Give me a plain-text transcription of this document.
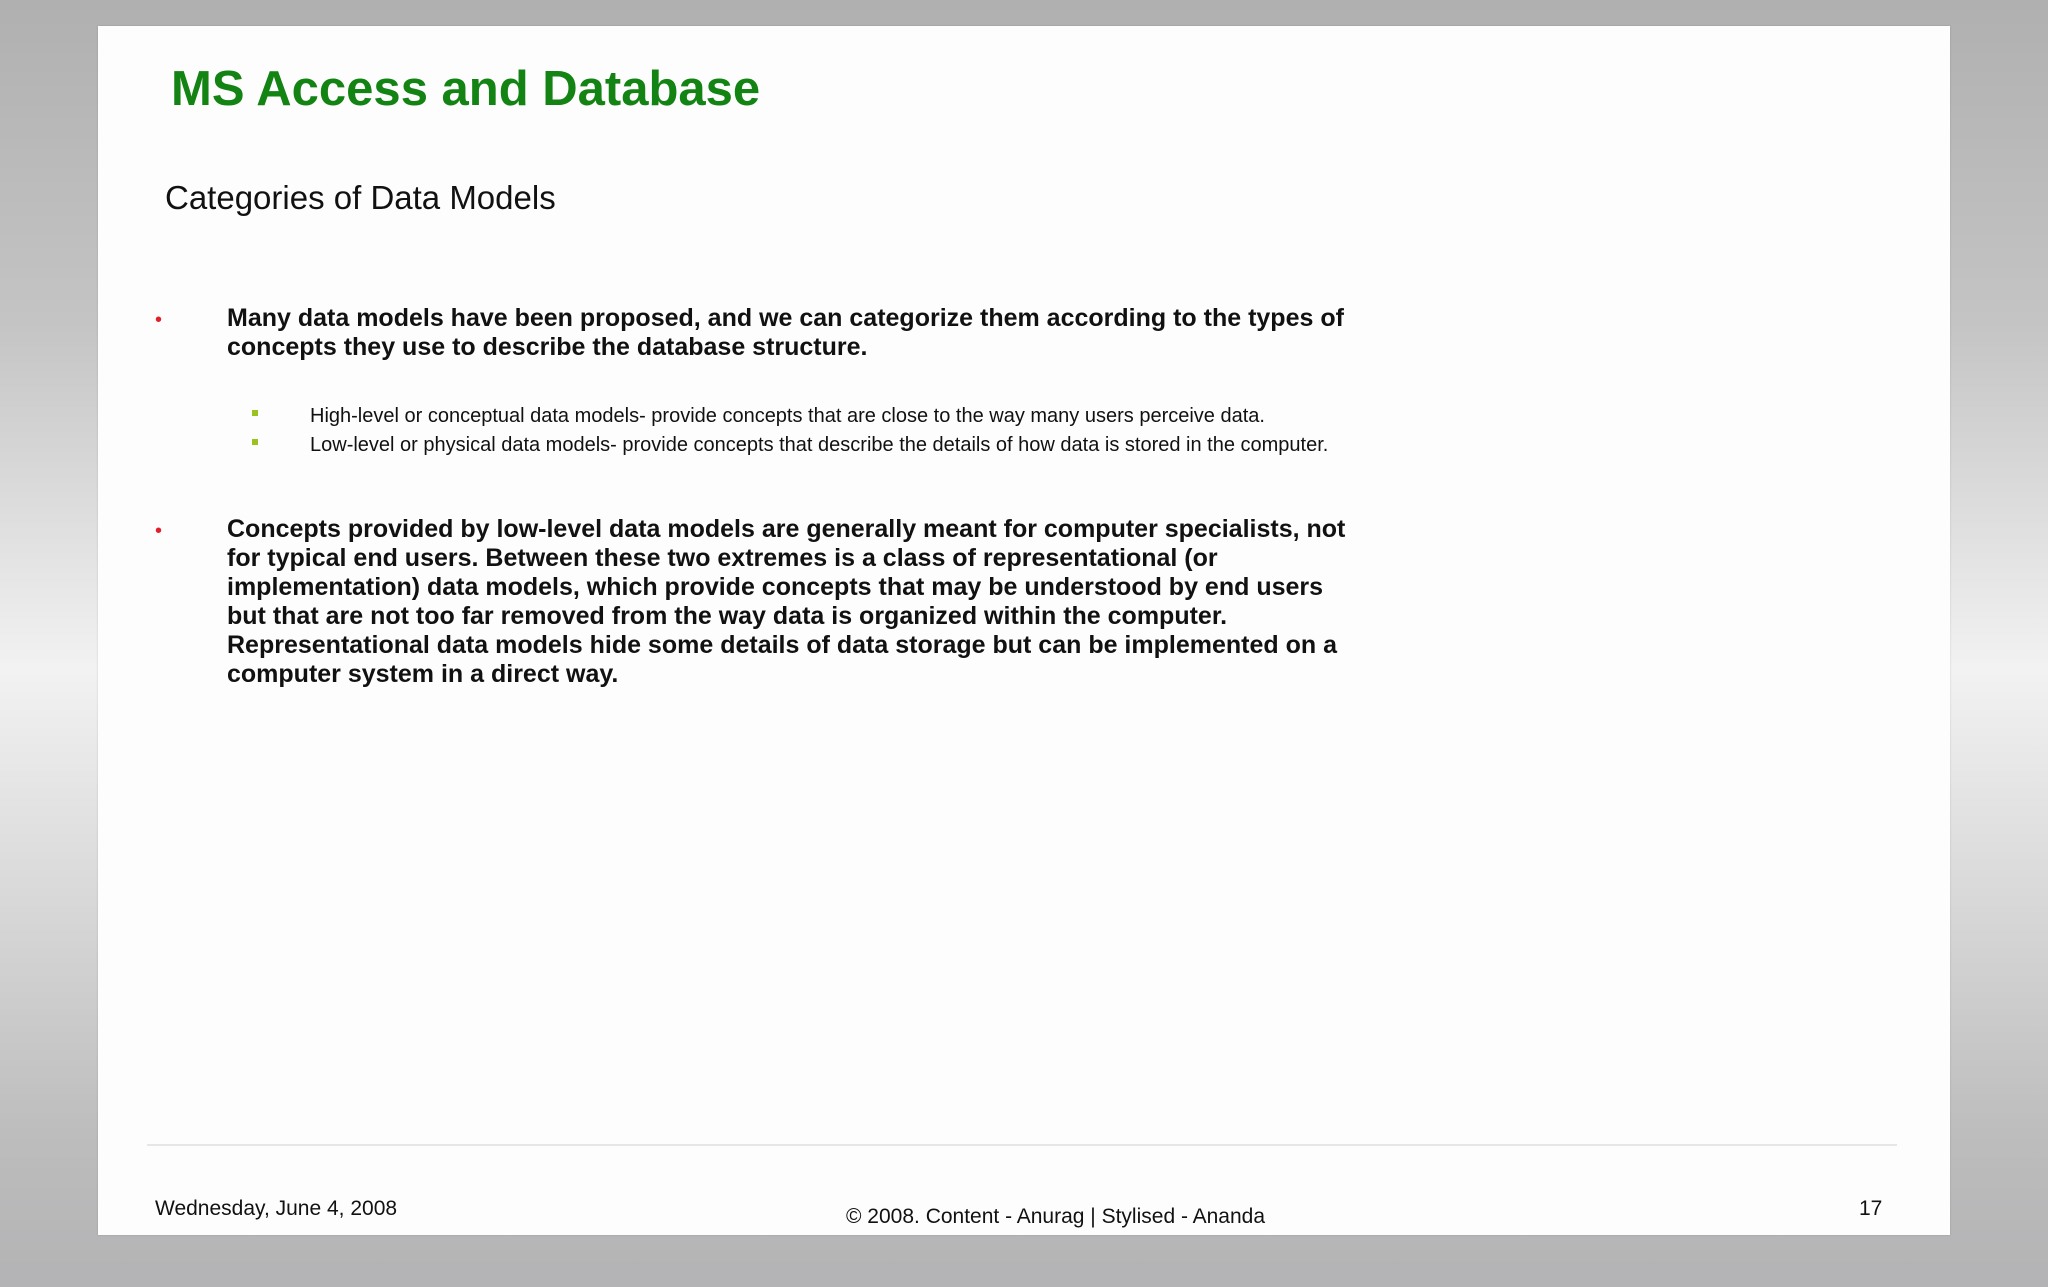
MS Access and Database
Categories of Data Models
•	Many data models have been proposed, and we can categorize them according to the types of concepts they use to describe the database structure.
High-level or conceptual data models- provide concepts that are close to the way many users perceive data.
Low-level or physical data models- provide concepts that describe the details of how data is stored in the computer.
•	Concepts provided by low-level data models are generally meant for computer specialists, not for typical end users. Between these two extremes is a class of representational (or implementation) data models, which provide concepts that may be understood by end users but that are not too far removed from the way data is organized within the computer. Representational data models hide some details of data storage but can be implemented on a computer system in a direct way.
Wednesday, June 4, 2008	© 2008. Content - Anurag | Stylised - Ananda	17
